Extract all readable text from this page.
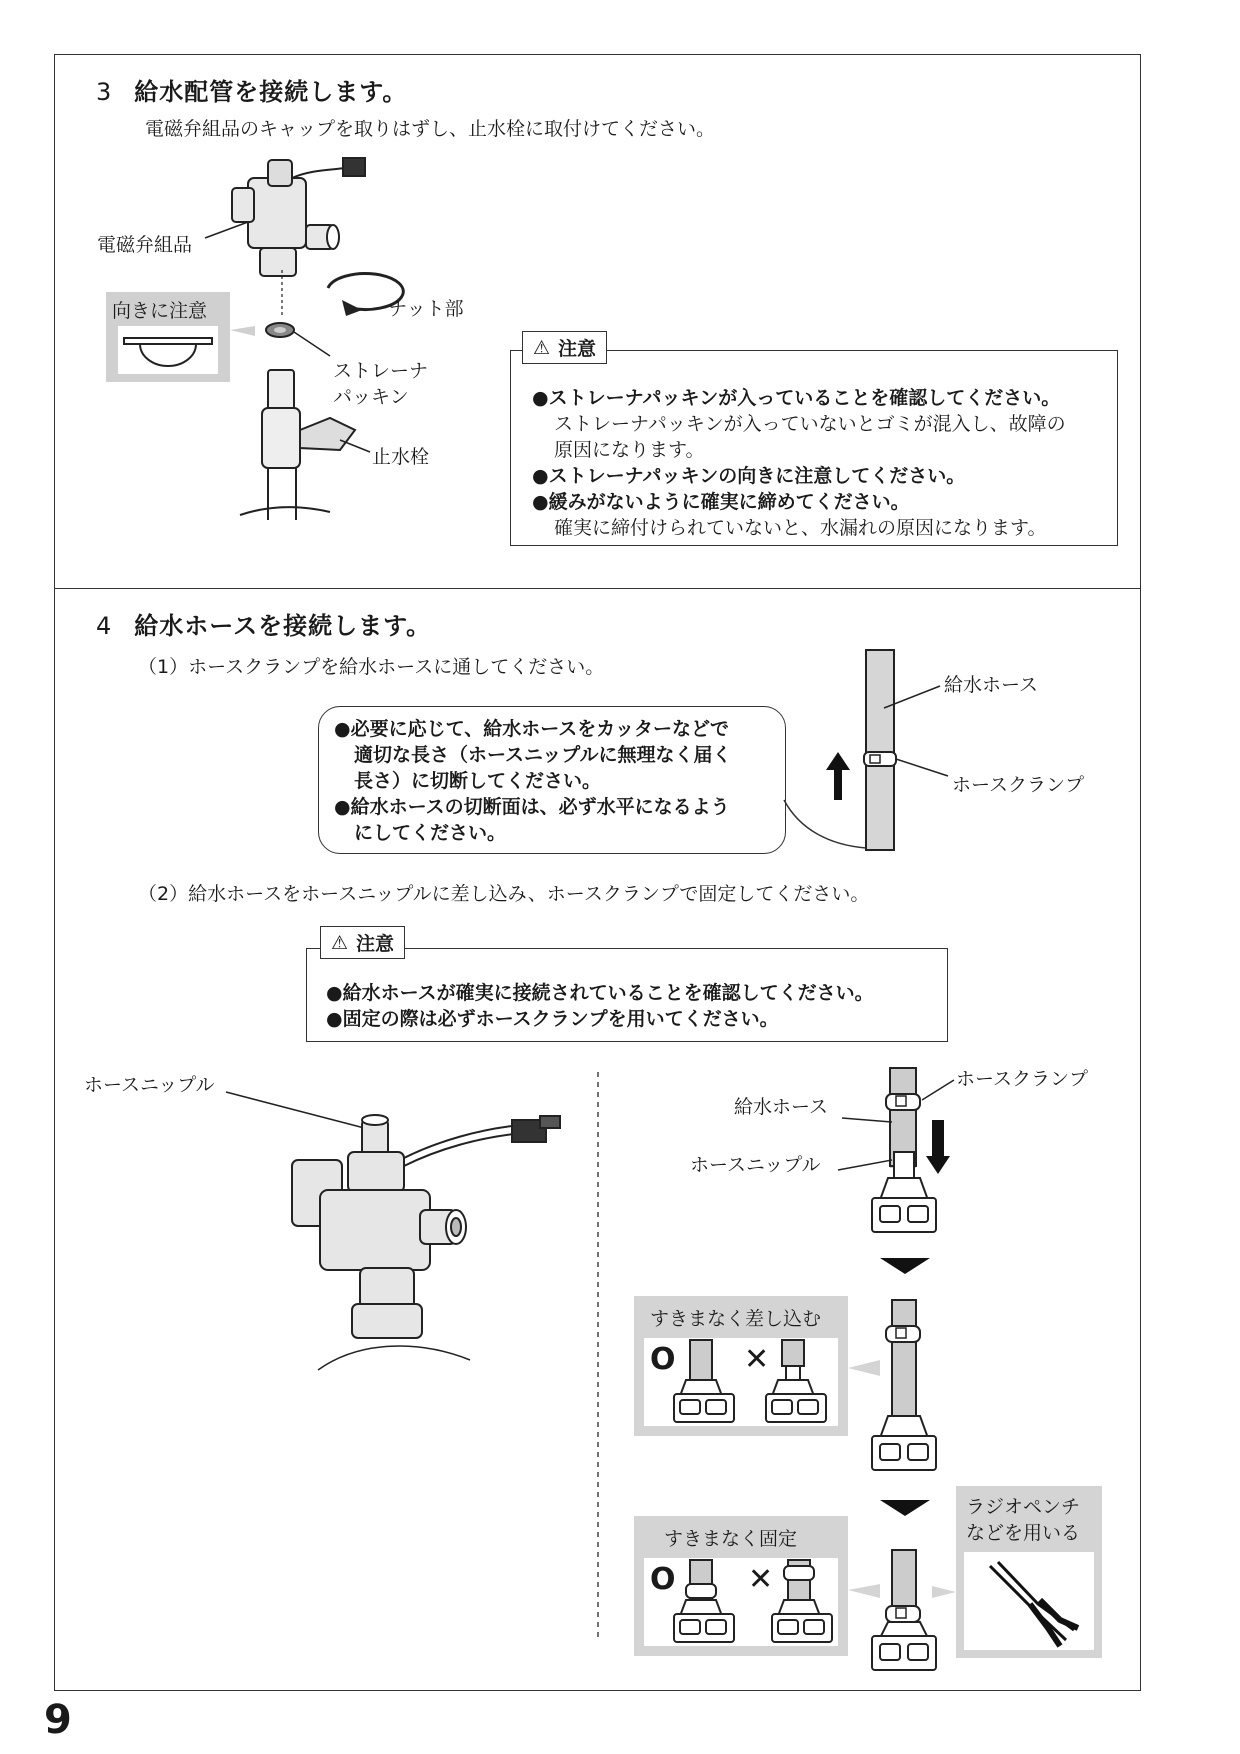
3 給水配管を接続します。
電磁弁組品のキャップを取りはずし、止水栓に取付けてください。
電磁弁組品
向きに注意	ナット部
ストレーナ
パッキン
止水栓
⚠ 注意
●ストレーナパッキンが入っていることを確認してください。
ストレーナパッキンが入っていないとゴミが混入し、故障の
原因になります。
●ストレーナパッキンの向きに注意してください。
●緩みがないように確実に締めてください。
確実に締付けられていないと、水漏れの原因になります。
4 給水ホースを接続します。
（1）ホースクランプを給水ホースに通してください。
●必要に応じて、給水ホースをカッターなどで
適切な長さ（ホースニップルに無理なく届く
長さ）に切断してください。
●給水ホースの切断面は、必ず水平になるよう
にしてください。
給水ホース
ホースクランプ
（2）給水ホースをホースニップルに差し込み、ホースクランプで固定してください。
⚠ 注意
●給水ホースが確実に接続されていることを確認してください。
●固定の際は必ずホースクランプを用いてください。
ホースニップル	ホースクランプ
給水ホース
ホースニップル
すきまなく差し込む
O ✕
すきまなく固定
O ✕
ラジオペンチ
などを用いる
9
